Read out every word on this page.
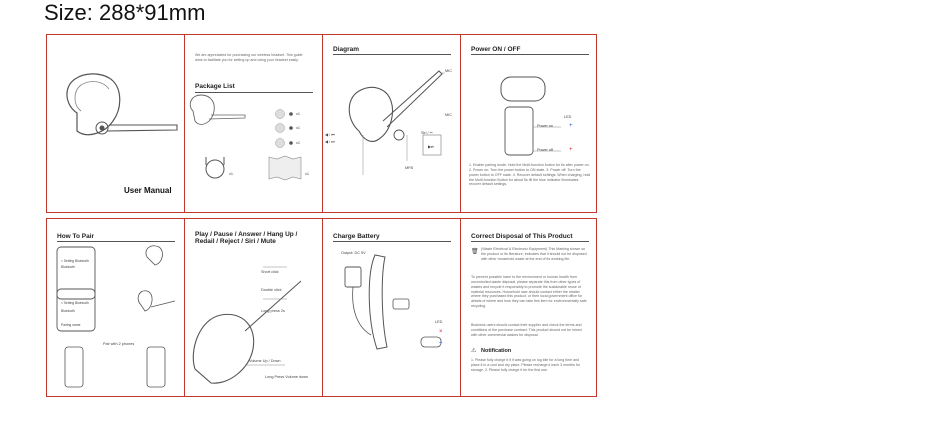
Size: 288*91mm
User Manual
We are appreciated for purchasing our wireless headset. This guide aims to facilitate you for setting up and using your headset easily.
Package List
x1
x1
x1
x1	x1
Diagram
MIC
MIC
Siri / ✂
MFB
▶⏯
◀ / ⏮
◀ / ⏭
Power ON / OFF
LED
Power on	+
Power off	+
1. Enable pairing mode: Hold the Multi-function button for 6s after power on. 2. Power on: Turn the power button to ON state. 3. Power off: Turn the power button to OFF state. 4. Recover default settings: When charging, hold the Multi-function Button for about 5s till the blue indicator illuminates recover default settings.
How To Pair
< Setting Bluetooth
Bluetooth
< Setting Bluetooth
Bluetooth
Pairing name
Pair with 2 phones
Play / Pause / Answer / Hang Up / Redail / Reject / Siri / Mute
Short click
Double click
Long press 2s
Volume Up / Down
Long Press Volume down
Charge Battery
Output: DC 5V
LED
×
+
Correct Disposal of This Product
🗑 (Waste Electrical & Electronic Equipment) This Marking shown on the product or its literature, indicates that it should not be disposed with other household waste at the end of its working life.
To prevent possible harm to the environment or human health from uncontrolled waste disposal, please separate this from other types of wastes and recycle it responsibly to promote the sustainable reuse of material resources. Household user should contact either the retailer where they purchased this product, or their local government office for details of where and how they can take this item for environmentally safe recycling.
Business users should contact their supplier and check the terms and conditions of the purchase contract. This product should not be mixed with other commercial wastes for disposal.
⚠ Notification
1. Please fully charge it if it was going on log idle for a long time and place it in a cool and dry place. Please recharge it each 3 months for storage. 2. Please fully charge it for the first use.
